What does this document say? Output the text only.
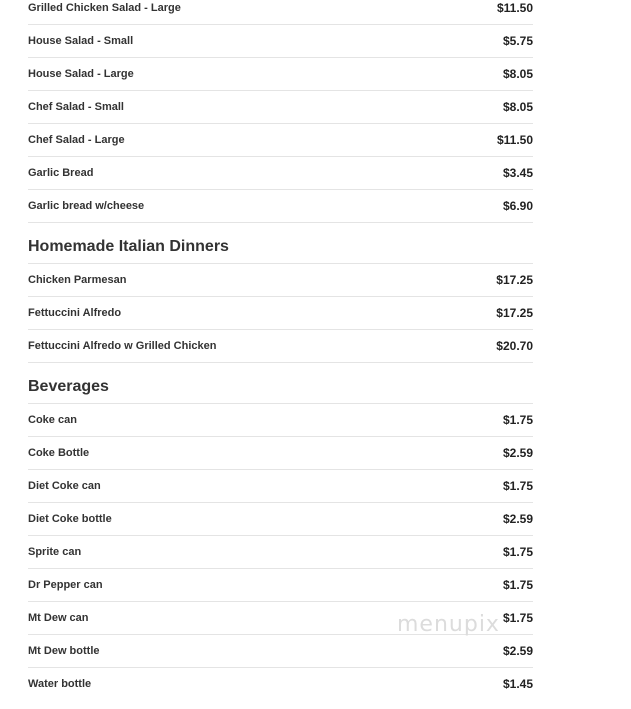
Grilled Chicken Salad - Large	$11.50
House Salad - Small	$5.75
House Salad - Large	$8.05
Chef Salad - Small	$8.05
Chef Salad - Large	$11.50
Garlic Bread	$3.45
Garlic bread w/cheese	$6.90
Homemade Italian Dinners
Chicken Parmesan	$17.25
Fettuccini Alfredo	$17.25
Fettuccini Alfredo w Grilled Chicken	$20.70
Beverages
Coke can	$1.75
Coke Bottle	$2.59
Diet Coke can	$1.75
Diet Coke bottle	$2.59
Sprite can	$1.75
Dr Pepper can	$1.75
Mt Dew can	$1.75
Mt Dew bottle	$2.59
Water bottle	$1.45
menupix
